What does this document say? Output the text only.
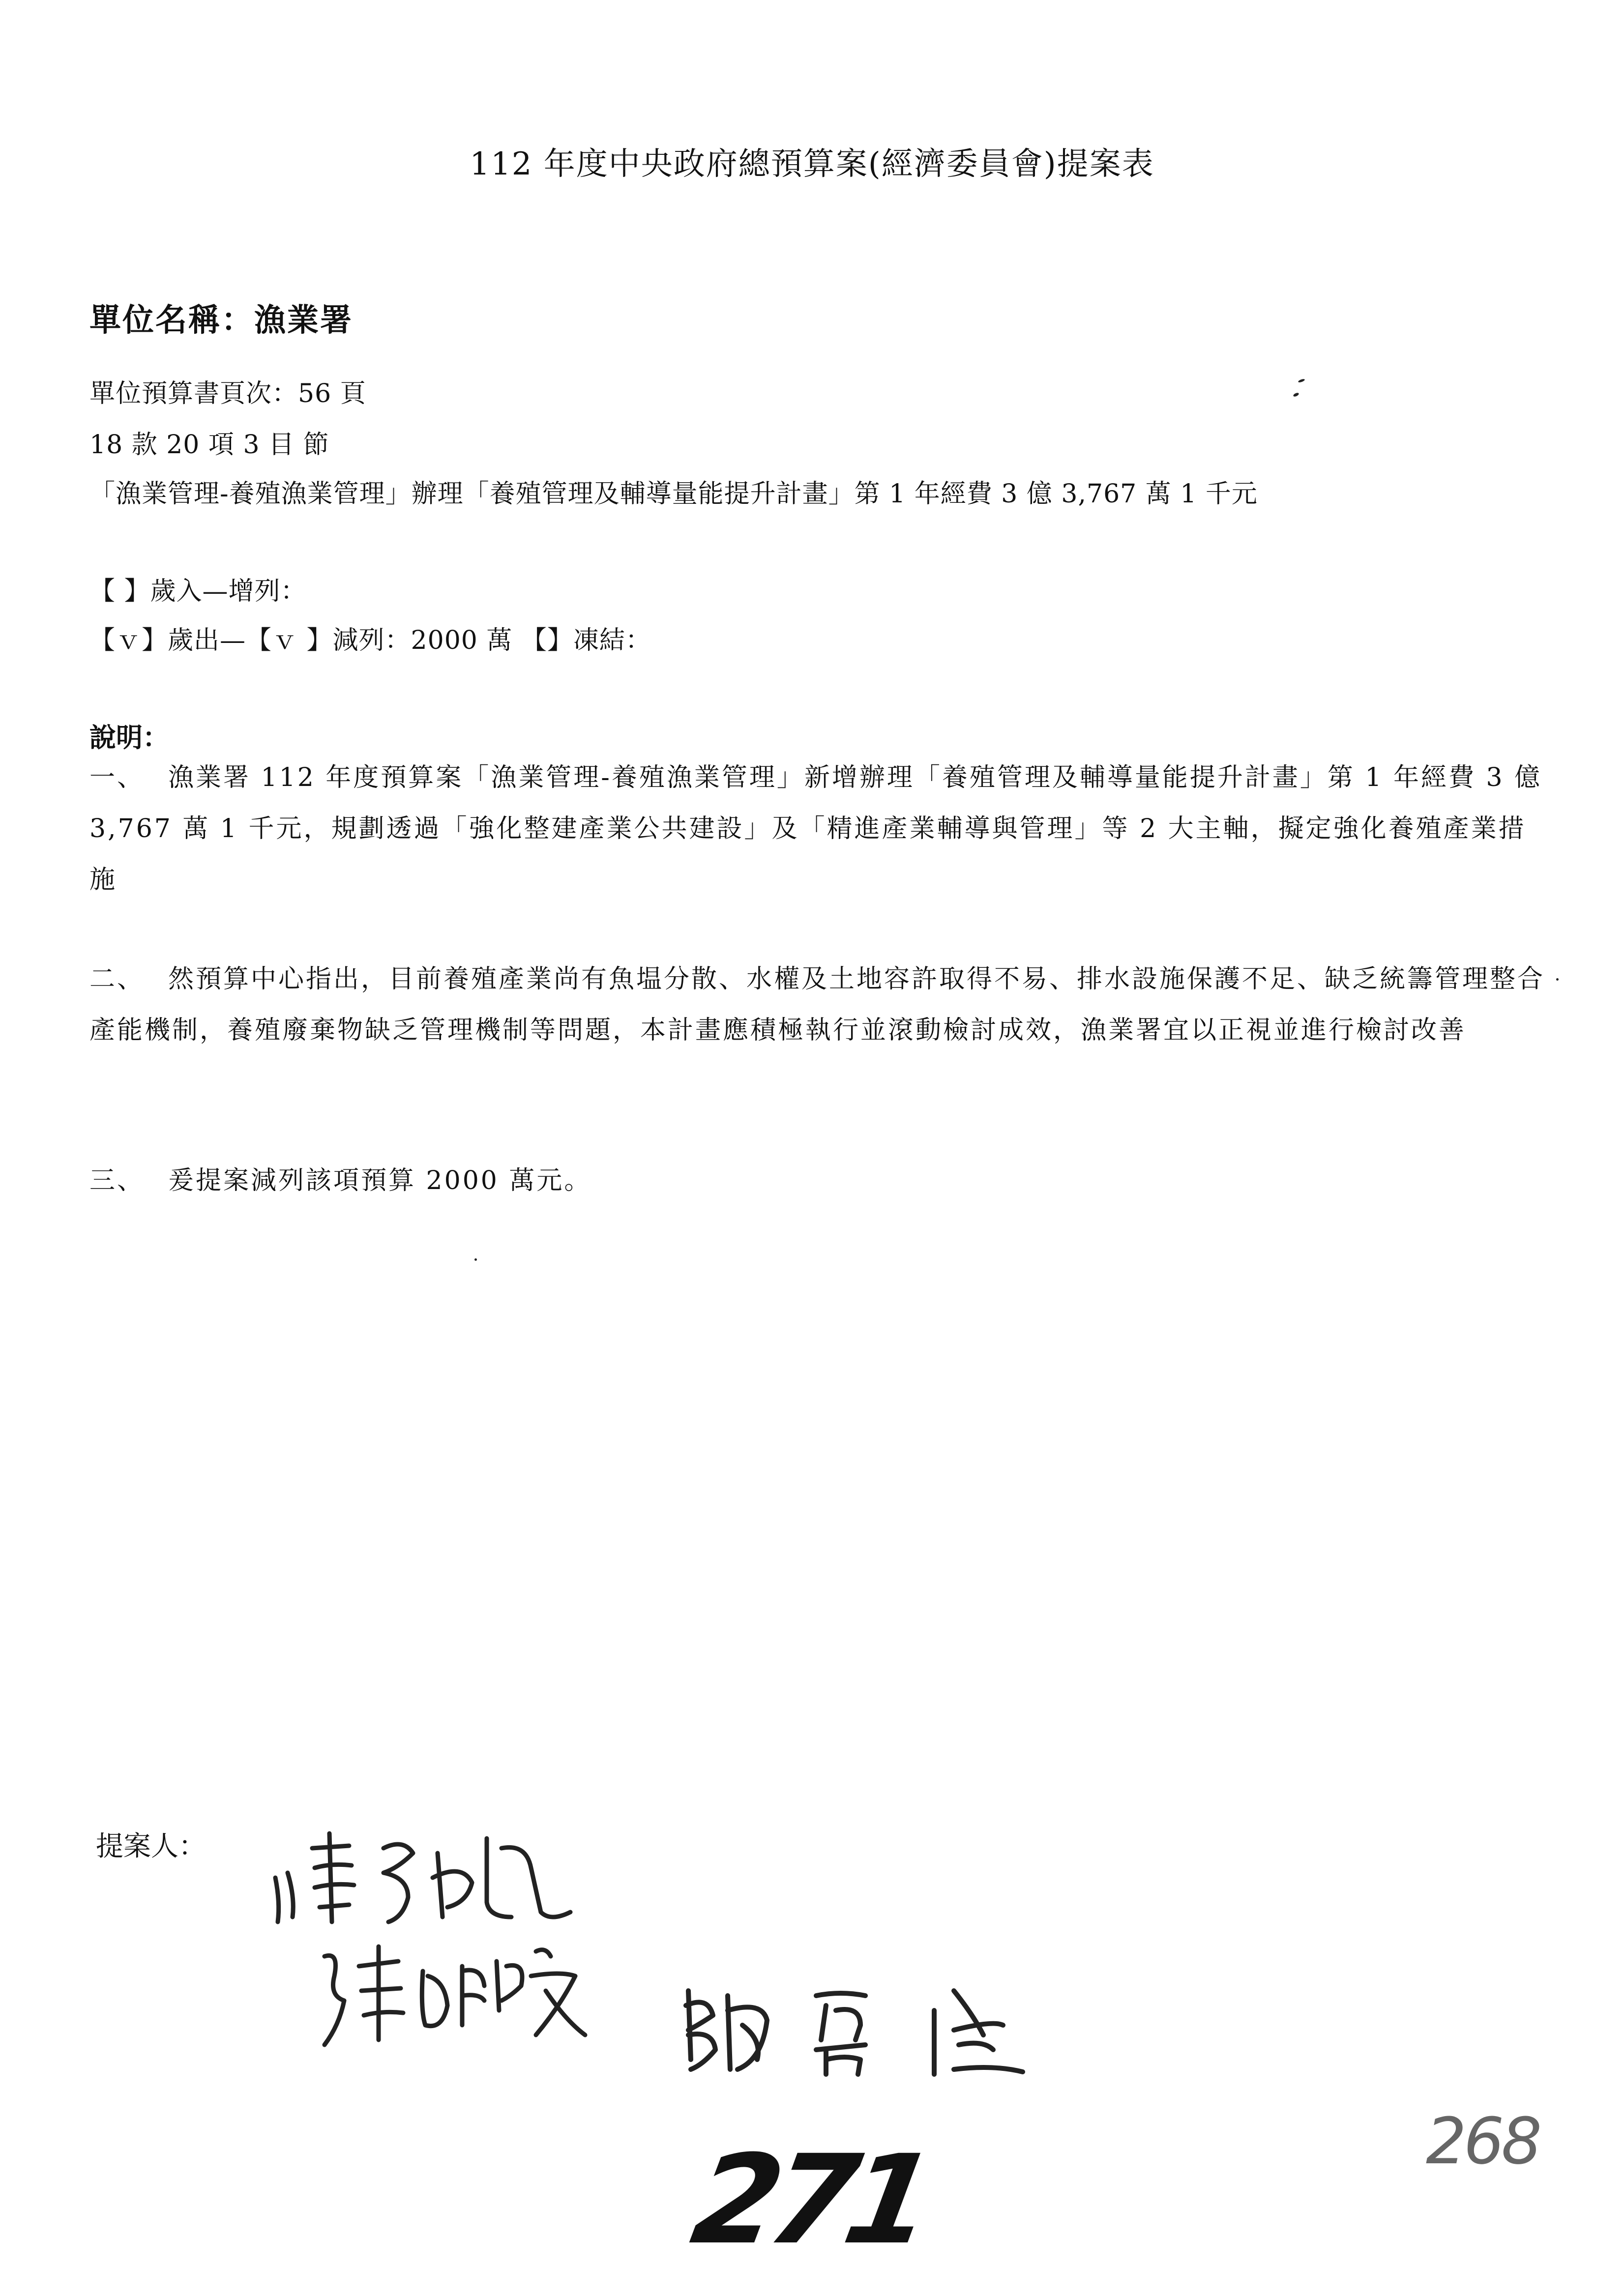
112 年度中央政府總預算案(經濟委員會)提案表
單位名稱：漁業署
單位預算書頁次：56 頁
18 款 20 項 3 目 節
「漁業管理-養殖漁業管理」辦理「養殖管理及輔導量能提升計畫」第 1 年經費 3 億 3,767 萬 1 千元
【 】歲入—增列：
【ｖ】歲出—【ｖ 】減列：2000 萬 【】凍結：
說明：

一、 漁業署 112 年度預算案「漁業管理-養殖漁業管理」新增辦理「養殖管理及輔導量能提升計畫」第 1 年經費 3 億 3,767 萬 1 千元，規劃透過「強化整建產業公共建設」及「精進產業輔導與管理」等 2 大主軸，擬定強化養殖產業措施

二、 然預算中心指出，目前養殖產業尚有魚塭分散、水權及土地容許取得不易、排水設施保護不足、缺乏統籌管理整合產能機制，養殖廢棄物缺乏管理機制等問題，本計畫應積極執行並滾動檢討成效，漁業署宜以正視並進行檢討改善

三、 爰提案減列該項預算 2000 萬元。

提案人：
271	268
